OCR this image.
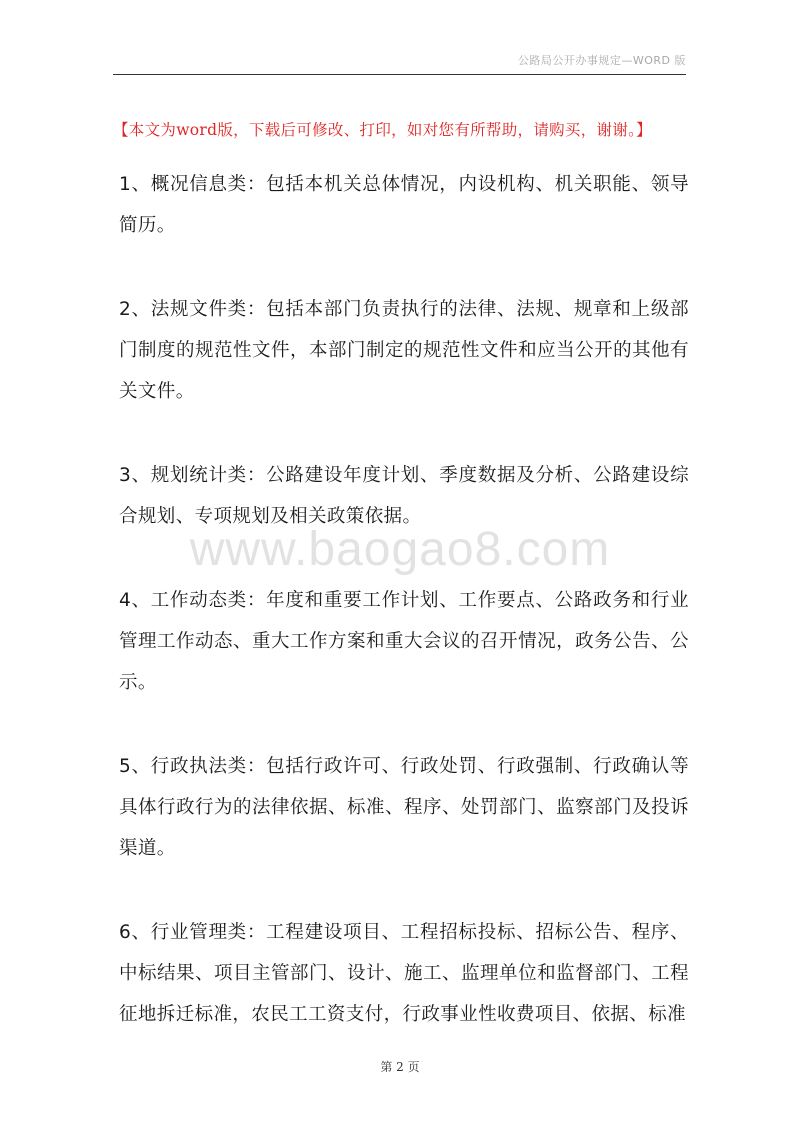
公路局公开办事规定—WORD 版
【本文为word版，下载后可修改、打印，如对您有所帮助，请购买，谢谢。】

1、概况信息类：包括本机关总体情况，内设机构、机关职能、领导简历。

2、法规文件类：包括本部门负责执行的法律、法规、规章和上级部门制度的规范性文件，本部门制定的规范性文件和应当公开的其他有关文件。

3、规划统计类：公路建设年度计划、季度数据及分析、公路建设综合规划、专项规划及相关政策依据。

4、工作动态类：年度和重要工作计划、工作要点、公路政务和行业管理工作动态、重大工作方案和重大会议的召开情况，政务公告、公示。

5、行政执法类：包括行政许可、行政处罚、行政强制、行政确认等具体行政行为的法律依据、标准、程序、处罚部门、监察部门及投诉渠道。

6、行业管理类：工程建设项目、工程招标投标、招标公告、程序、中标结果、项目主管部门、设计、施工、监理单位和监督部门、工程征地拆迁标准，农民工工资支付，行政事业性收费项目、依据、标准

www.baogao8.com
第 2 页
